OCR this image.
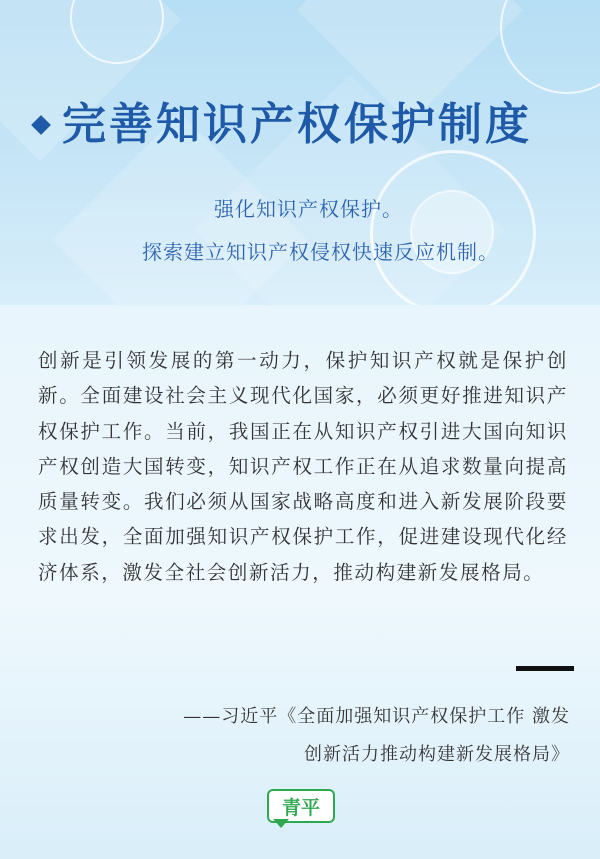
完善知识产权保护制度
强化知识产权保护。
探索建立知识产权侵权快速反应机制。
创新是引领发展的第一动力，保护知识产权就是保护创新。全面建设社会主义现代化国家，必须更好推进知识产权保护工作。当前，我国正在从知识产权引进大国向知识产权创造大国转变，知识产权工作正在从追求数量向提高质量转变。我们必须从国家战略高度和进入新发展阶段要求出发，全面加强知识产权保护工作，促进建设现代化经济体系，激发全社会创新活力，推动构建新发展格局。
——习近平《全面加强知识产权保护工作 激发
创新活力推动构建新发展格局》
青平
